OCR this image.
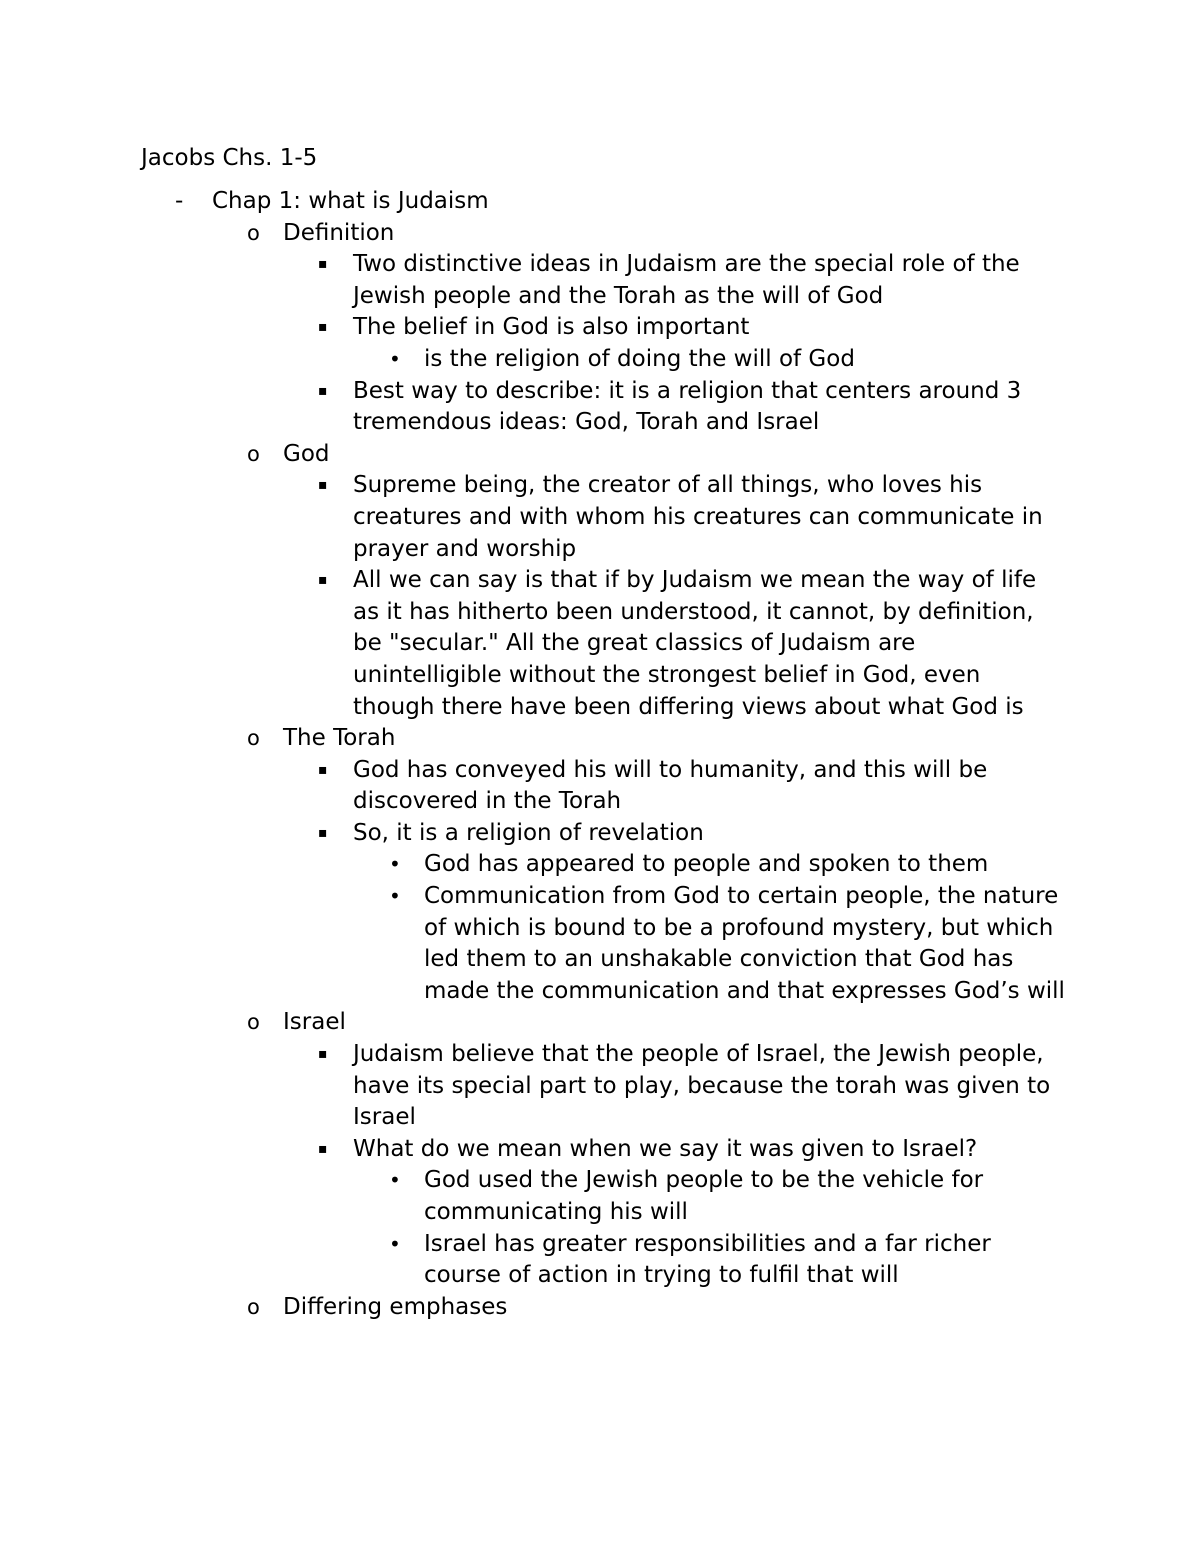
Jacobs Chs. 1-5
- Chap 1: what is Judaism
o Definition
▪ Two distinctive ideas in Judaism are the special role of the Jewish people and the Torah as the will of God
▪ The belief in God is also important
• is the religion of doing the will of God
▪ Best way to describe: it is a religion that centers around 3 tremendous ideas: God, Torah and Israel
o God
▪ Supreme being, the creator of all things, who loves his creatures and with whom his creatures can communicate in prayer and worship
▪ All we can say is that if by Judaism we mean the way of life as it has hitherto been understood, it cannot, by definition, be "secular." All the great classics of Judaism are unintelligible without the strongest belief in God, even though there have been differing views about what God is
o The Torah
▪ God has conveyed his will to humanity, and this will be discovered in the Torah
▪ So, it is a religion of revelation
• God has appeared to people and spoken to them
• Communication from God to certain people, the nature of which is bound to be a profound mystery, but which led them to an unshakable conviction that God has made the communication and that expresses God’s will
o Israel
▪ Judaism believe that the people of Israel, the Jewish people, have its special part to play, because the torah was given to Israel
▪ What do we mean when we say it was given to Israel?
• God used the Jewish people to be the vehicle for communicating his will
• Israel has greater responsibilities and a far richer course of action in trying to fulfil that will
o Differing emphases
